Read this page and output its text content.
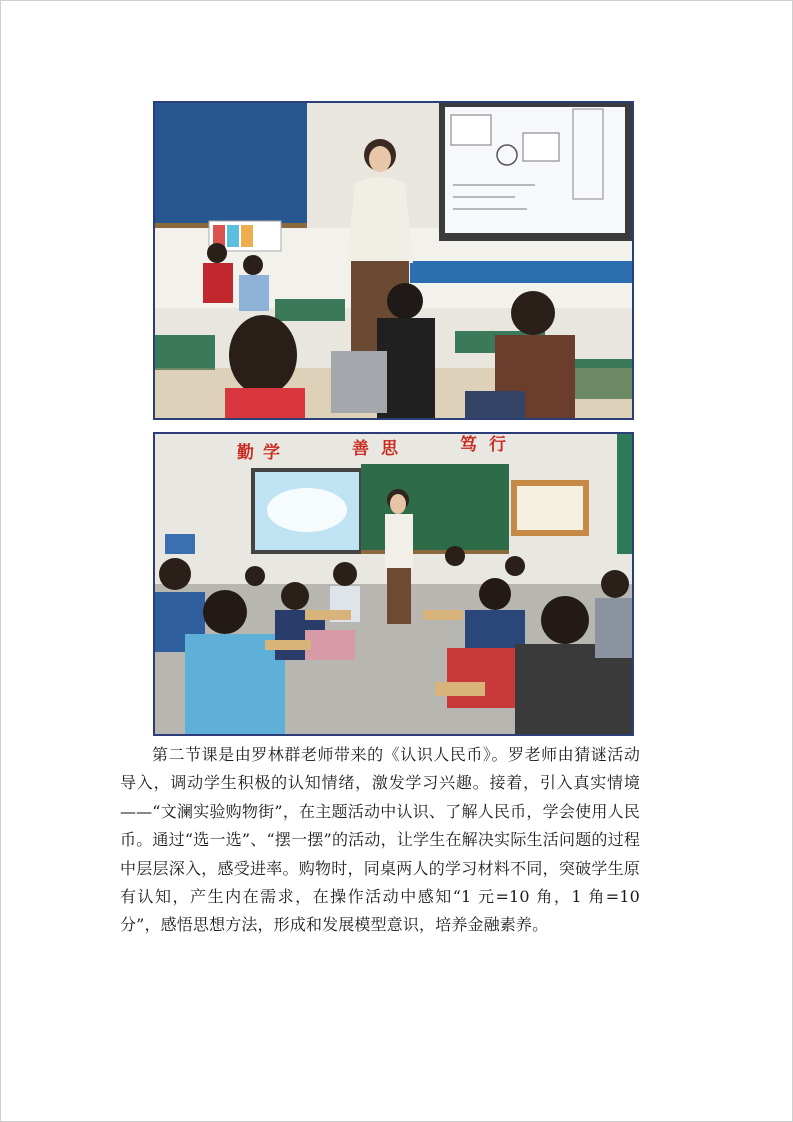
勤 学	善 思	笃 行

第二节课是由罗林群老师带来的《认识人民币》。罗老师由猜谜活动导入，调动学生积极的认知情绪，激发学习兴趣。接着，引入真实情境——“文澜实验购物街”，在主题活动中认识、了解人民币，学会使用人民币。通过“选一选”、“摆一摆”的活动，让学生在解决实际生活问题的过程中层层深入，感受进率。购物时，同桌两人的学习材料不同，突破学生原有认知，产生内在需求，在操作活动中感知“1 元=10 角，1 角=10 分”，感悟思想方法，形成和发展模型意识，培养金融素养。
